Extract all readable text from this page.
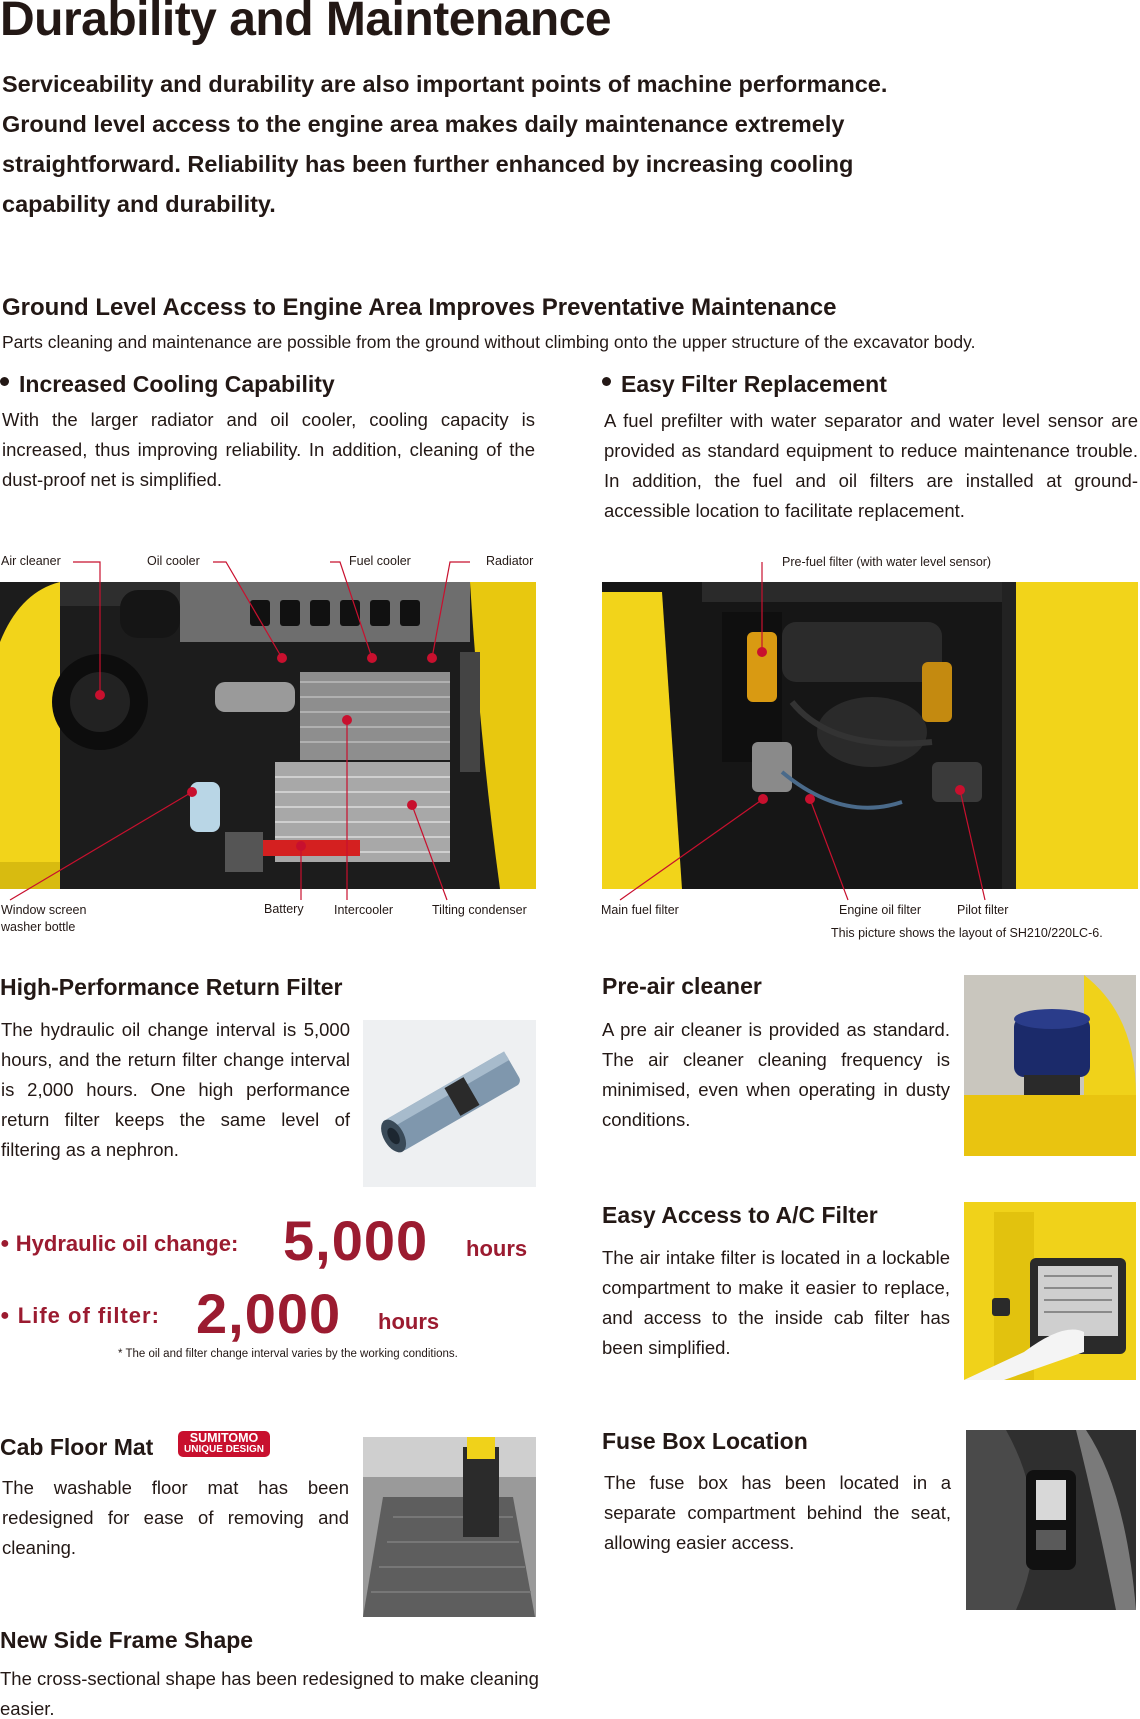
Durability and Maintenance
Serviceability and durability are also important points of machine performance.
Ground level access to the engine area makes daily maintenance extremely
straightforward. Reliability has been further enhanced by increasing cooling
capability and durability.
Ground Level Access to Engine Area Improves Preventative Maintenance
Parts cleaning and maintenance are possible from the ground without climbing onto the upper structure of the excavator body.
Increased Cooling Capability
With the larger radiator and oil cooler, cooling capacity is increased, thus improving reliability. In addition, cleaning of the dust-proof net is simplified.
Easy Filter Replacement
A fuel prefilter with water separator and water level sensor are provided as standard equipment to reduce maintenance trouble. In addition, the fuel and oil filters are installed at ground-accessible location to facilitate replacement.
Air cleaner	Oil cooler	Fuel cooler	Radiator
Window screen
washer bottle
Battery Intercooler	Tilting condenser
Pre-fuel filter (with water level sensor)
Main fuel filter	Engine oil filter	Pilot filter
This picture shows the layout of SH210/220LC-6.
High-Performance Return Filter
The hydraulic oil change interval is 5,000 hours, and the return filter change interval is 2,000 hours. One high performance return filter keeps the same level of filtering as a nephron.
● Hydraulic oil change: 5,000 hours
● Life of filter: 2,000 hours
* The oil and filter change interval varies by the working conditions.
Pre-air cleaner
A pre air cleaner is provided as standard. The air cleaner cleaning frequency is minimised, even when operating in dusty conditions.
Easy Access to A/C Filter
The air intake filter is located in a lockable compartment to make it easier to replace, and access to the inside cab filter has been simplified.
Cab Floor Mat	SUMITOMO
UNIQUE DESIGN
The washable floor mat has been redesigned for ease of removing and cleaning.
Fuse Box Location
The fuse box has been located in a separate compartment behind the seat, allowing easier access.
New Side Frame Shape
The cross-sectional shape has been redesigned to make cleaning easier.
